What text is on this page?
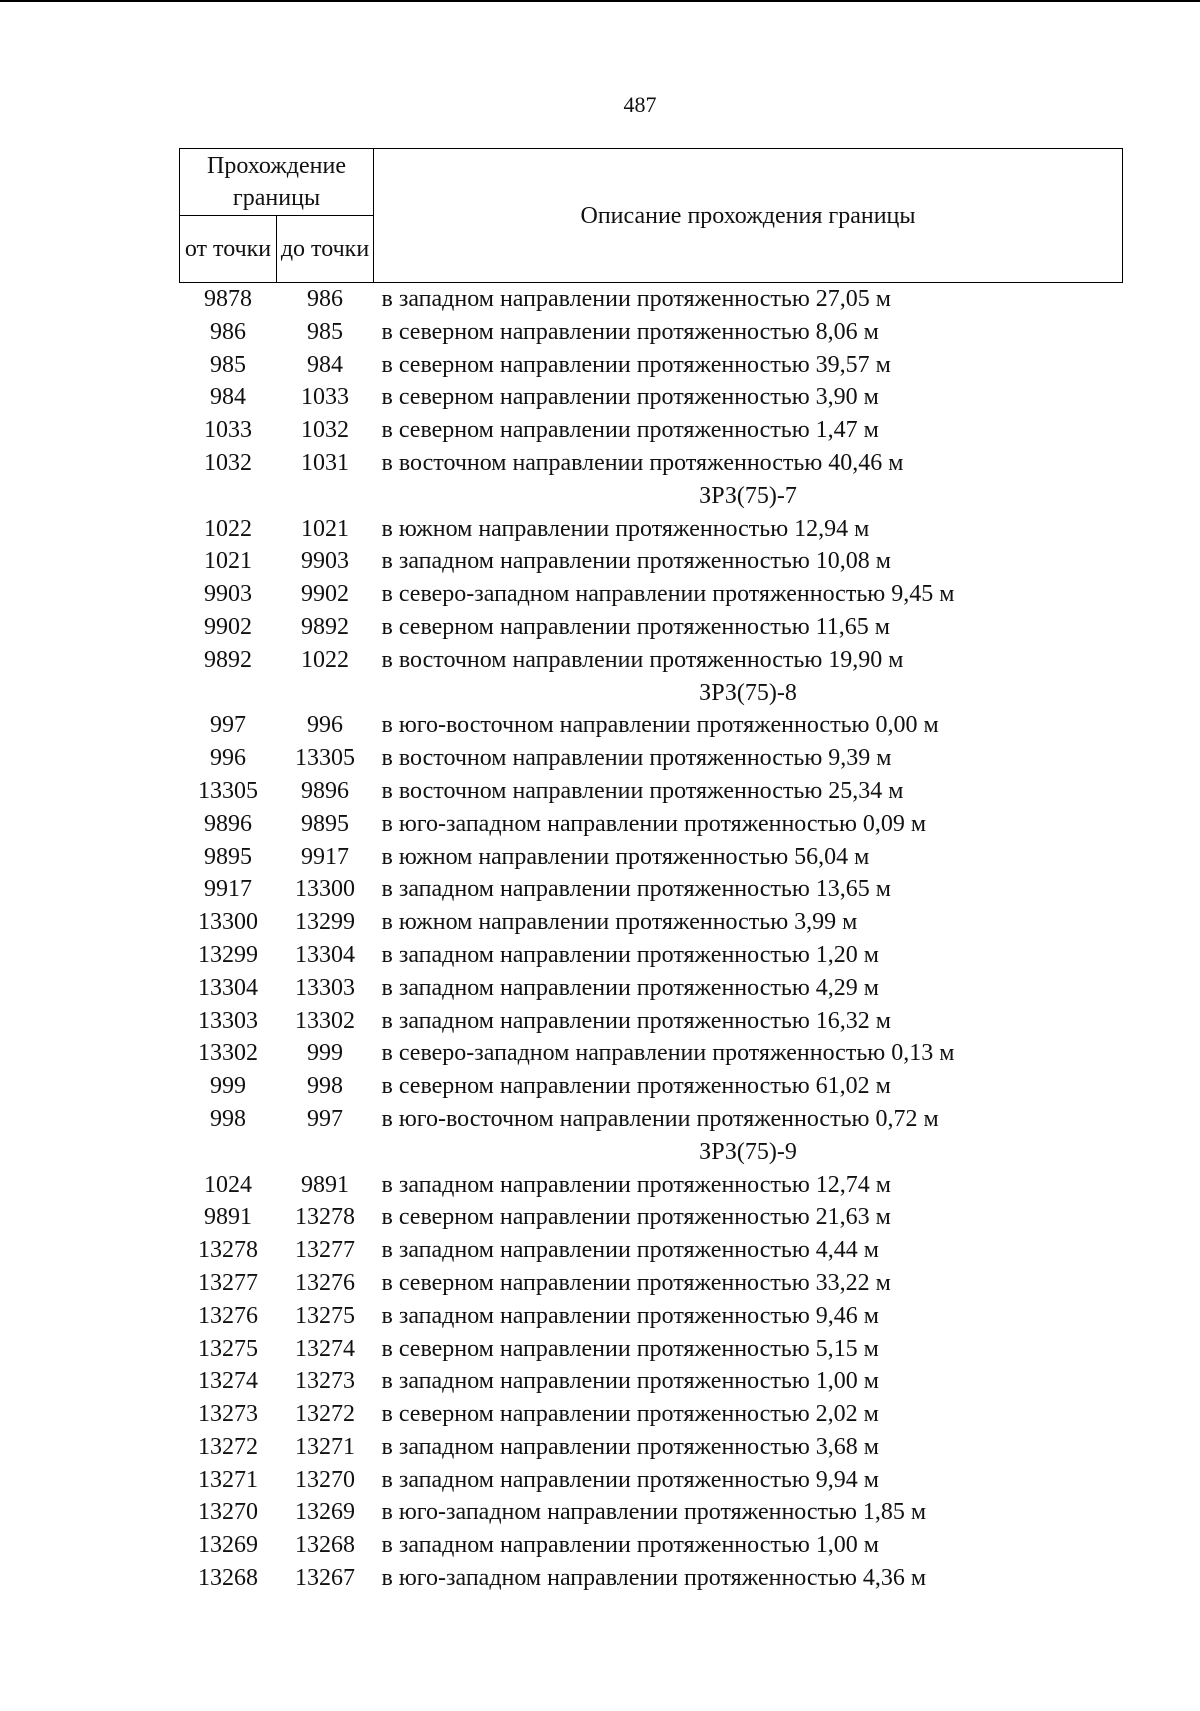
487
Прохождение границы		Описание прохождения границы
от точки	до точки	
9878	986	в западном направлении протяженностью 27,05 м
986	985	в северном направлении протяженностью 8,06 м
985	984	в северном направлении протяженностью 39,57 м
984	1033	в северном направлении протяженностью 3,90 м
1033	1032	в северном направлении протяженностью 1,47 м
1032	1031	в восточном направлении протяженностью 40,46 м
		ЗРЗ(75)-7
1022	1021	в южном направлении протяженностью 12,94 м
1021	9903	в западном направлении протяженностью 10,08 м
9903	9902	в северо-западном направлении протяженностью 9,45 м
9902	9892	в северном направлении протяженностью 11,65 м
9892	1022	в восточном направлении протяженностью 19,90 м
		ЗРЗ(75)-8
997	996	в юго-восточном направлении протяженностью 0,00 м
996	13305	в восточном направлении протяженностью 9,39 м
13305	9896	в восточном направлении протяженностью 25,34 м
9896	9895	в юго-западном направлении протяженностью 0,09 м
9895	9917	в южном направлении протяженностью 56,04 м
9917	13300	в западном направлении протяженностью 13,65 м
13300	13299	в южном направлении протяженностью 3,99 м
13299	13304	в западном направлении протяженностью 1,20 м
13304	13303	в западном направлении протяженностью 4,29 м
13303	13302	в западном направлении протяженностью 16,32 м
13302	999	в северо-западном направлении протяженностью 0,13 м
999	998	в северном направлении протяженностью 61,02 м
998	997	в юго-восточном направлении протяженностью 0,72 м
		ЗРЗ(75)-9
1024	9891	в западном направлении протяженностью 12,74 м
9891	13278	в северном направлении протяженностью 21,63 м
13278	13277	в западном направлении протяженностью 4,44 м
13277	13276	в северном направлении протяженностью 33,22 м
13276	13275	в западном направлении протяженностью 9,46 м
13275	13274	в северном направлении протяженностью 5,15 м
13274	13273	в западном направлении протяженностью 1,00 м
13273	13272	в северном направлении протяженностью 2,02 м
13272	13271	в западном направлении протяженностью 3,68 м
13271	13270	в западном направлении протяженностью 9,94 м
13270	13269	в юго-западном направлении протяженностью 1,85 м
13269	13268	в западном направлении протяженностью 1,00 м
13268	13267	в юго-западном направлении протяженностью 4,36 м
